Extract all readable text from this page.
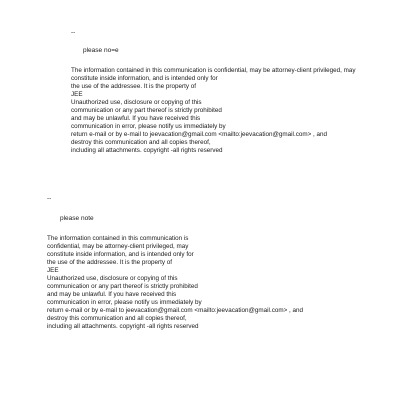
--
please no=e
The information contained in this communication is confidential, may be attorney-client privileged, may
constitute inside information, and is intended only for
the use of the addressee. It is the property of
JEE
Unauthorized use, disclosure or copying of this
communication or any part thereof is strictly prohibited
and may be unlawful. If you have received this
communication in error, please notify us immediately by
return e-mail or by e-mail to jeevacation@gmail.com <mailto:jeevacation@gmail.com> , and
destroy this communication and all copies thereof,
including all attachments. copyright -all rights reserved
--
please note
The information contained in this communication is
confidential, may be attorney-client privileged, may
constitute inside information, and is intended only for
the use of the addressee. It is the property of
JEE
Unauthorized use, disclosure or copying of this
communication or any part thereof is strictly prohibited
and may be unlawful. If you have received this
communication in error, please notify us immediately by
return e-mail or by e-mail to jeevacation@gmail.com <mailto:jeevacation@gmail.com> , and
destroy this communication and all copies thereof,
including all attachments. copyright -all rights reserved
